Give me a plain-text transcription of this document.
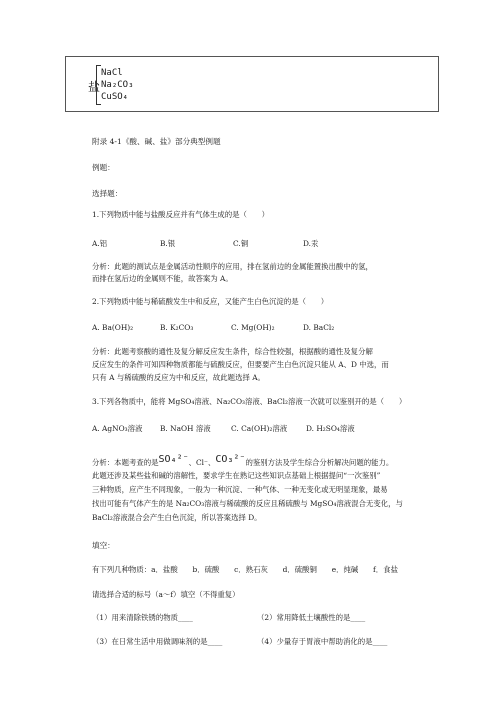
盐
NaCl
Na₂CO₃
CuSO₄
附录 4-1《酸、碱、盐》部分典型例题
例题：
选择题：
1.下列物质中能与盐酸反应并有气体生成的是（　　）
A.铝	B.银	C.铜	D.汞
分析：此题的测试点是金属活动性顺序的应用，排在氢前边的金属能置换出酸中的氢，
而排在氢后边的金属则不能，故答案为 A。
2.下列物质中能与稀硫酸发生中和反应，又能产生白色沉淀的是（　　）
A. Ba(OH)₂	B. K₂CO₃	C. Mg(OH)₂	D. BaCl₂
分析：此题考察酸的通性及复分解反应发生条件，综合性较强，根据酸的通性及复分解
反应发生的条件可知四种物质都能与硫酸反应，但要要产生白色沉淀只能从 A、D 中选，而
只有 A 与稀硫酸的反应为中和反应，故此题选择 A。
3.下列各物质中，能将 MgSO₄溶液、Na₂CO₃溶液、BaCl₂溶液一次就可以鉴别开的是（　　）
A. AgNO₃溶液 B. NaOH 溶液	C. Ca(OH)₂溶液	D. H₂SO₄溶液
分析：本题考查的是SO₄²⁻、Cl⁻、CO₃²⁻的鉴别方法及学生综合分析解决问题的能力。
此题还涉及某些盐和碱的溶解性，要求学生在熟记这些知识点基础上根据提问“一次鉴别”
三种物质，应产生不同现象，一般为一种沉淀、一种气体、一种无变化或无明显现象，最易
找出可能有气体产生的是 Na₂CO₃溶液与稀硫酸的反应且稀硫酸与 MgSO₄溶液混合无变化，与
BaCl₂溶液混合会产生白色沉淀，所以答案选择 D。
填空：
有下列几种物质：a．盐酸　　b．硫酸　　c．熟石灰　　d．硫酸铜　　e．纯碱　　f．食盐
请选择合适的标号（a～f）填空（不得重复）
（1）用来清除铁锈的物质____	（2）常用降低土壤酸性的是____
（3）在日常生活中用做调味剂的是____	（4）少量存于胃液中帮助消化的是____
